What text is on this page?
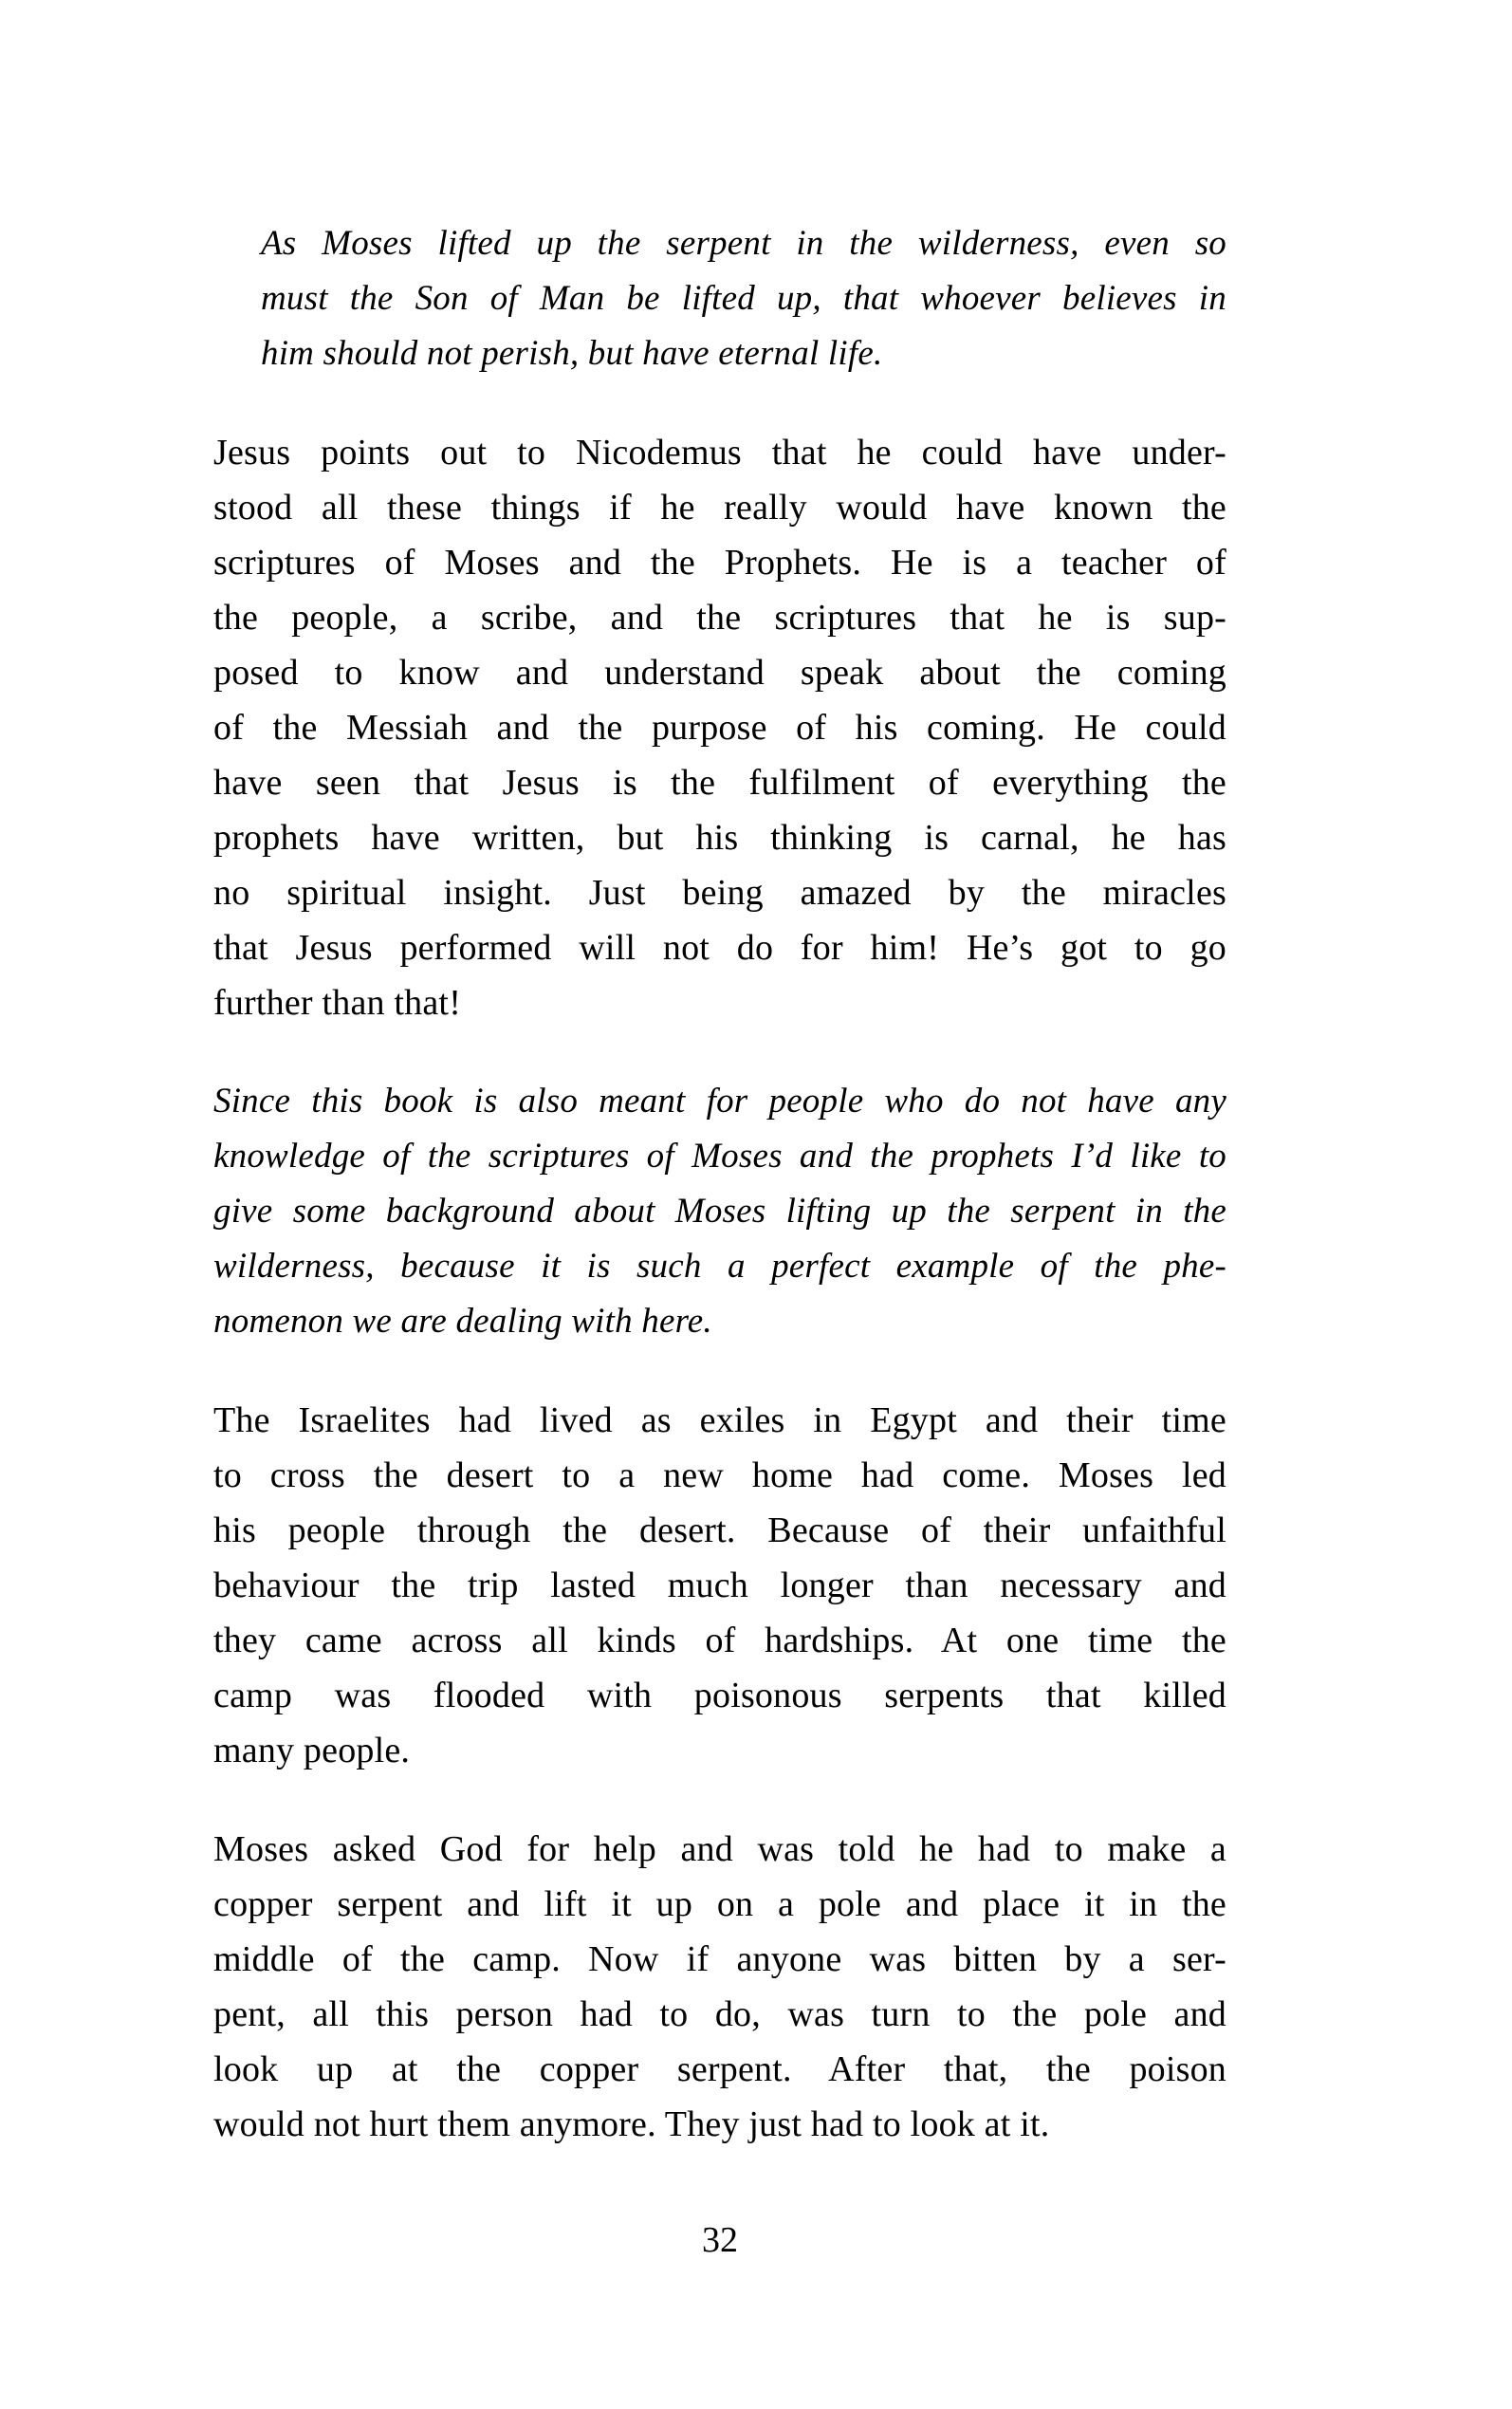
As Moses lifted up the serpent in the wilderness, even so
must the Son of Man be lifted up, that whoever believes in
him should not perish, but have eternal life.
Jesus points out to Nicodemus that he could have under-
stood all these things if he really would have known the
scriptures of Moses and the Prophets. He is a teacher of
the people, a scribe, and the scriptures that he is sup-
posed to know and understand speak about the coming
of the Messiah and the purpose of his coming. He could
have seen that Jesus is the fulfilment of everything the
prophets have written, but his thinking is carnal, he has
no spiritual insight. Just being amazed by the miracles
that Jesus performed will not do for him! He’s got to go
further than that!
Since this book is also meant for people who do not have any
knowledge of the scriptures of Moses and the prophets I’d like to
give some background about Moses lifting up the serpent in the
wilderness, because it is such a perfect example of the phe-
nomenon we are dealing with here.
The Israelites had lived as exiles in Egypt and their time
to cross the desert to a new home had come. Moses led
his people through the desert. Because of their unfaithful
behaviour the trip lasted much longer than necessary and
they came across all kinds of hardships. At one time the
camp was flooded with poisonous serpents that killed
many people.
Moses asked God for help and was told he had to make a
copper serpent and lift it up on a pole and place it in the
middle of the camp. Now if anyone was bitten by a ser-
pent, all this person had to do, was turn to the pole and
look up at the copper serpent. After that, the poison
would not hurt them anymore. They just had to look at it.
32
